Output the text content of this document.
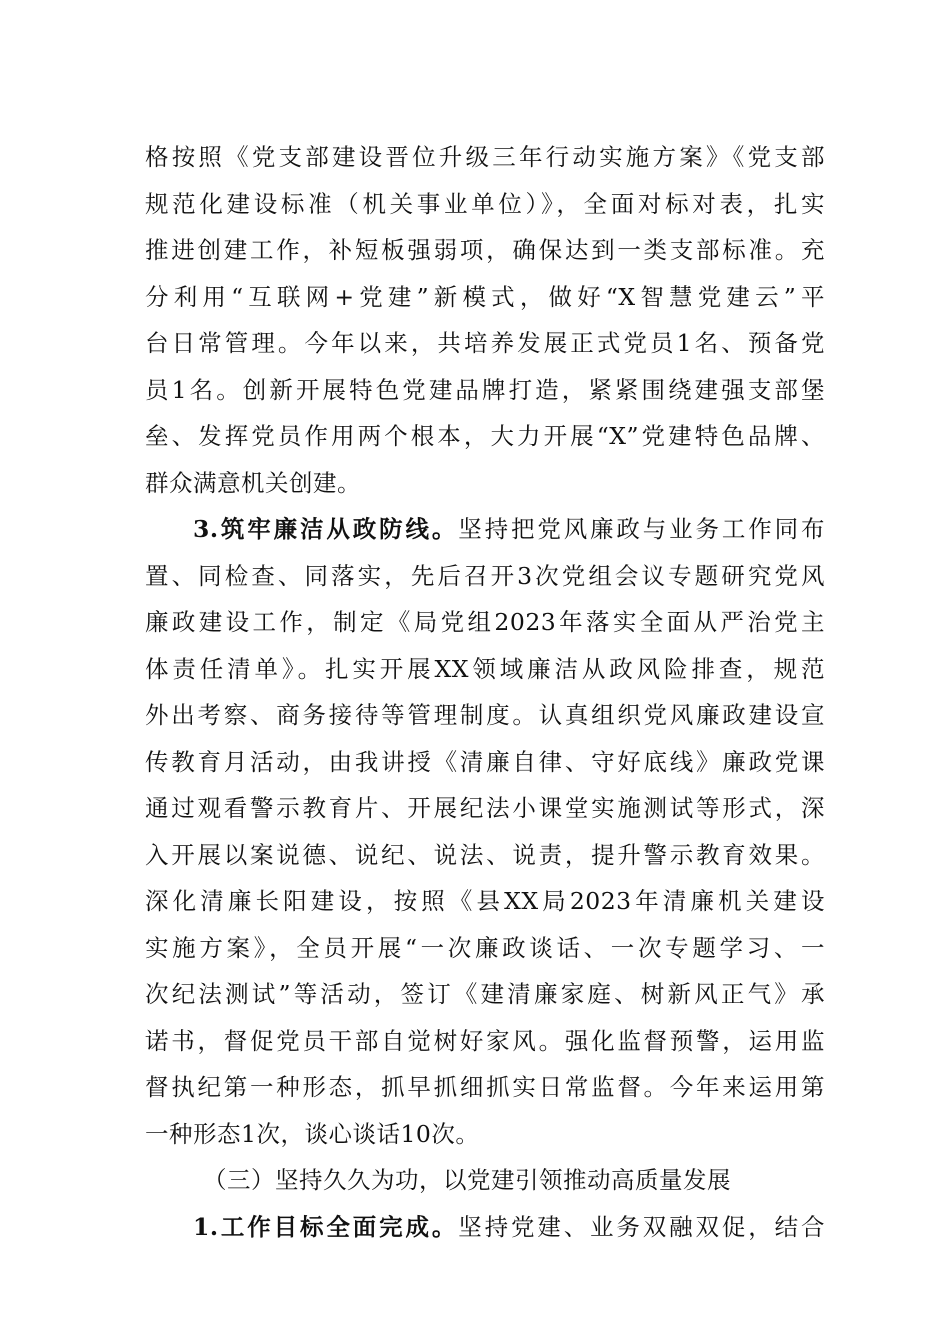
格按照《党支部建设晋位升级三年行动实施方案》《党支部
规范化建设标准（机关事业单位）》，全面对标对表，扎实
推进创建工作，补短板强弱项，确保达到一类支部标准。充
分利用“互联网+党建”新模式，做好“X智慧党建云”平
台日常管理。今年以来，共培养发展正式党员1名、预备党
员1名。创新开展特色党建品牌打造，紧紧围绕建强支部堡
垒、发挥党员作用两个根本，大力开展“X”党建特色品牌、
群众满意机关创建。
3.筑牢廉洁从政防线。坚持把党风廉政与业务工作同布
置、同检查、同落实，先后召开3次党组会议专题研究党风
廉政建设工作，制定《局党组2023年落实全面从严治党主
体责任清单》。扎实开展XX领域廉洁从政风险排查，规范
外出考察、商务接待等管理制度。认真组织党风廉政建设宣
传教育月活动，由我讲授《清廉自律、守好底线》廉政党课
通过观看警示教育片、开展纪法小课堂实施测试等形式，深
入开展以案说德、说纪、说法、说责，提升警示教育效果。
深化清廉长阳建设，按照《县XX局2023年清廉机关建设
实施方案》，全员开展“一次廉政谈话、一次专题学习、一
次纪法测试”等活动，签订《建清廉家庭、树新风正气》承
诺书，督促党员干部自觉树好家风。强化监督预警，运用监
督执纪第一种形态，抓早抓细抓实日常监督。今年来运用第
一种形态1次，谈心谈话10次。
（三）坚持久久为功，以党建引领推动高质量发展
1.工作目标全面完成。坚持党建、业务双融双促，结合
